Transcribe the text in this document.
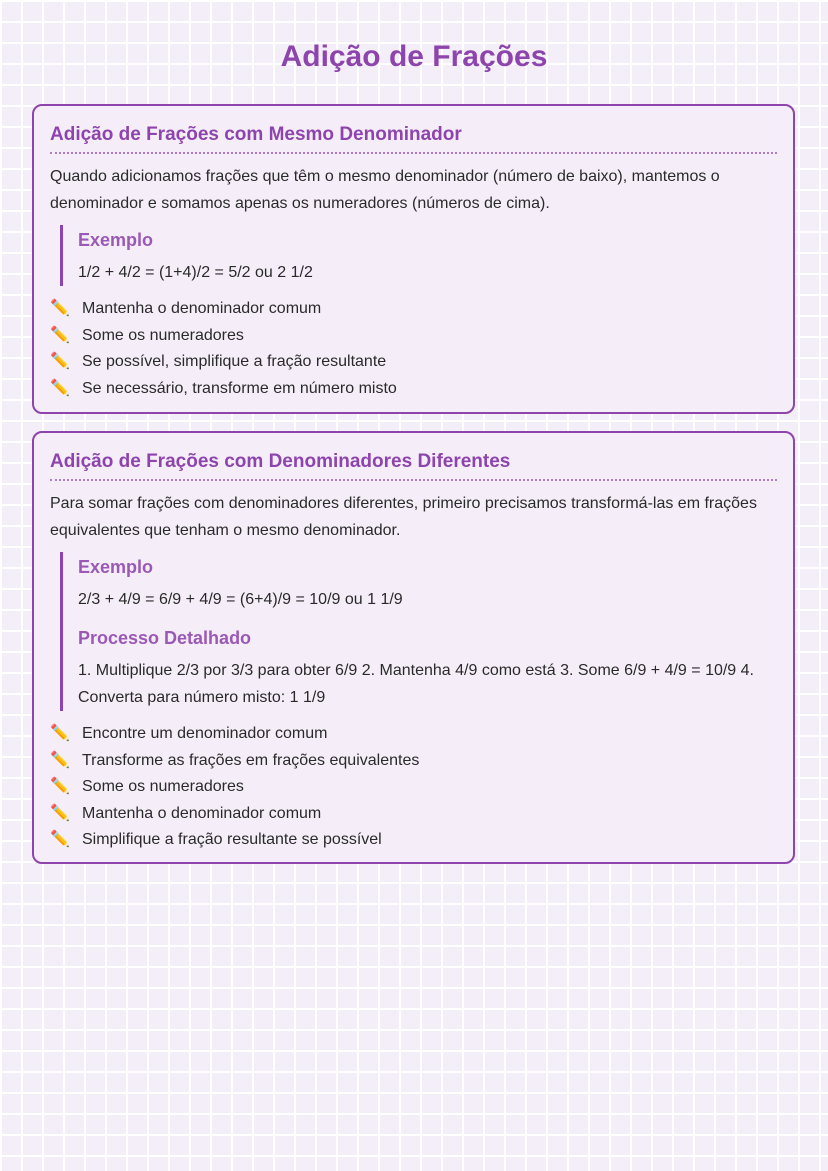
Adição de Frações
Adição de Frações com Mesmo Denominador

Quando adicionamos frações que têm o mesmo denominador (número de baixo), mantemos o denominador e somamos apenas os numeradores (números de cima).

Exemplo

1/2 + 4/2 = (1+4)/2 = 5/2 ou 2 1/2

✏️ Mantenha o denominador comum
✏️ Some os numeradores
✏️ Se possível, simplifique a fração resultante
✏️ Se necessário, transforme em número misto
Adição de Frações com Denominadores Diferentes

Para somar frações com denominadores diferentes, primeiro precisamos transformá-las em frações equivalentes que tenham o mesmo denominador.

Exemplo

2/3 + 4/9 = 6/9 + 4/9 = (6+4)/9 = 10/9 ou 1 1/9

Processo Detalhado

1. Multiplique 2/3 por 3/3 para obter 6/9 2. Mantenha 4/9 como está 3. Some 6/9 + 4/9 = 10/9 4. Converta para número misto: 1 1/9

✏️ Encontre um denominador comum
✏️ Transforme as frações em frações equivalentes
✏️ Some os numeradores
✏️ Mantenha o denominador comum
✏️ Simplifique a fração resultante se possível
